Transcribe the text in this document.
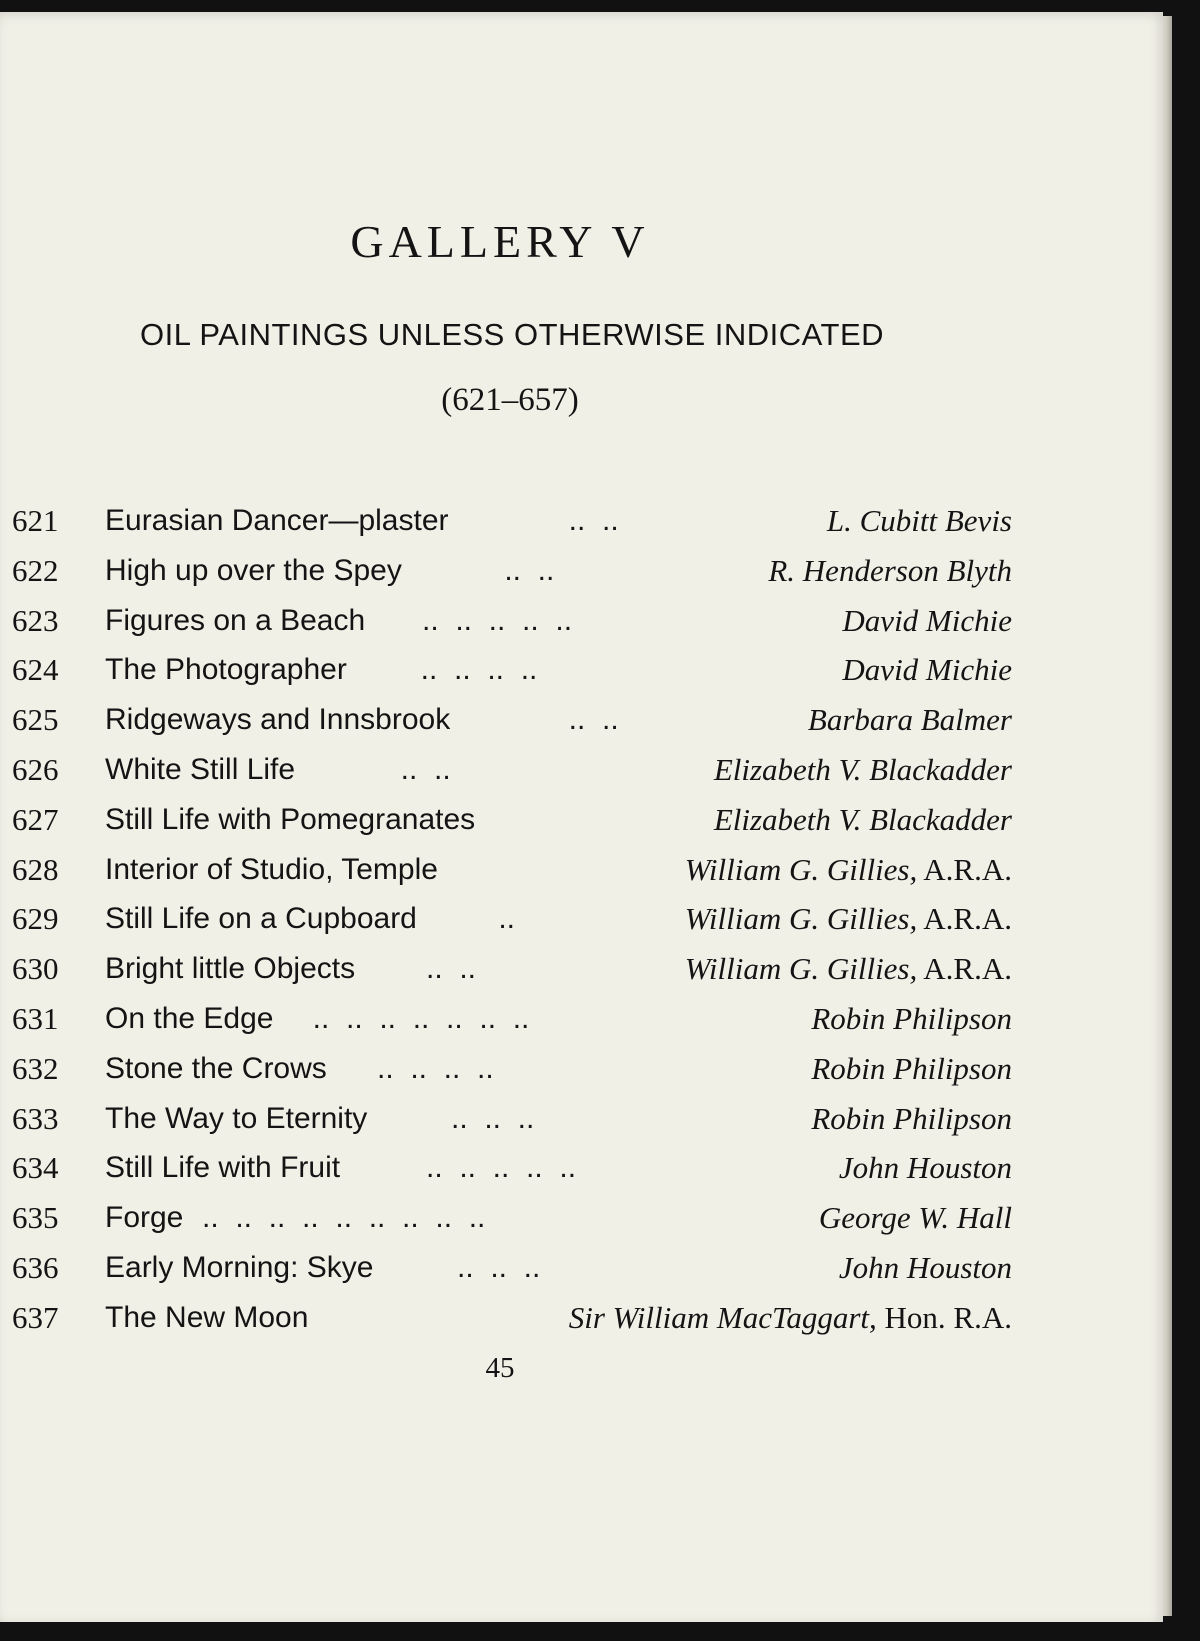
GALLERY V
OIL PAINTINGS UNLESS OTHERWISE INDICATED
(621–657)
621 Eurasian Dancer—plaster	..  ..	L. Cubitt Bevis
622 High up over the Spey	..  ..	R. Henderson Blyth
623 Figures on a Beach ..  ..  ..  ..  ..	David Michie
624 The Photographer ..  ..  ..  ..	David Michie
625 Ridgeways and Innsbrook	..  ..	Barbara Balmer
626 White Still Life	..  ..	Elizabeth V. Blackadder
627 Still Life with Pomegranates	Elizabeth V. Blackadder
628 Interior of Studio, Temple	William G. Gillies, A.R.A.
629 Still Life on a Cupboard ..	William G. Gillies, A.R.A.
630 Bright little Objects ..  ..	William G. Gillies, A.R.A.
631 On the Edge ..  ..  ..  ..  ..  ..  ..	Robin Philipson
632 Stone the Crows ..  ..  ..  ..	Robin Philipson
633 The Way to Eternity ..  ..  ..	Robin Philipson
634 Still Life with Fruit	..  ..  ..  ..  ..	John Houston
635 Forge ..  ..  ..  ..  ..  ..  ..  ..  ..	George W. Hall
636 Early Morning: Skye ..  ..  ..	John Houston
637 The New Moon	Sir William MacTaggart, Hon. R.A.
45
